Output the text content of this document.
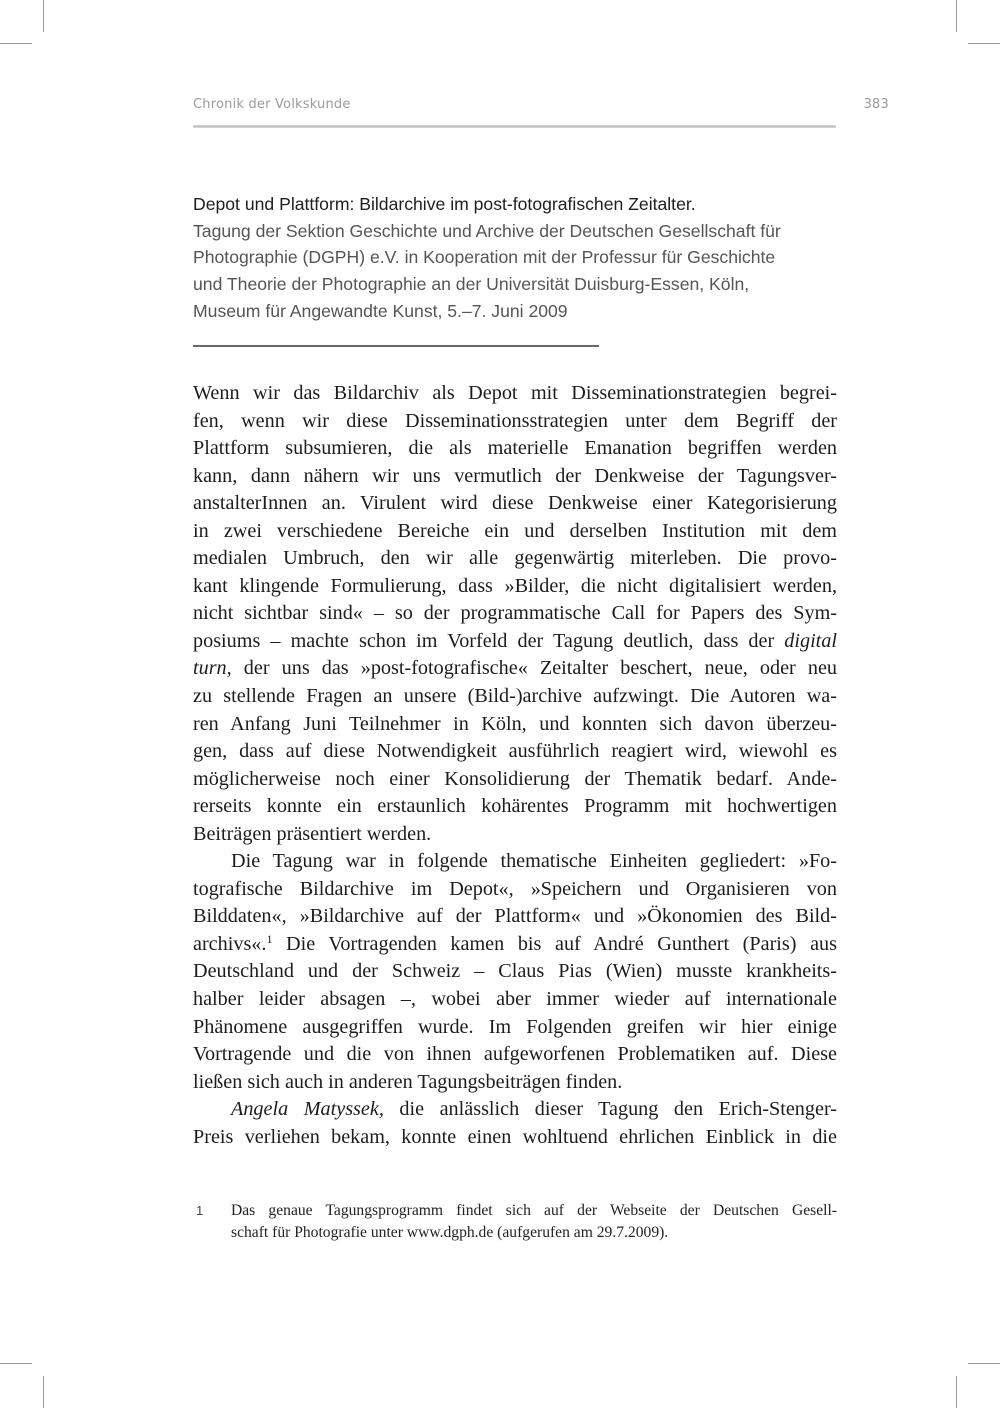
Chronik der Volkskunde	383
Depot und Plattform: Bildarchive im post-fotografischen Zeitalter.
Tagung der Sektion Geschichte und Archive der Deutschen Gesellschaft für
Photographie (DGPH) e.V. in Kooperation mit der Professur für Geschichte
und Theorie der Photographie an der Universität Duisburg-Essen, Köln,
Museum für Angewandte Kunst, 5.–7. Juni 2009
Wenn wir das Bildarchiv als Depot mit Disseminationstrategien begrei-
fen, wenn wir diese Disseminationsstrategien unter dem Begriff der
Plattform subsumieren, die als materielle Emanation begriffen werden
kann, dann nähern wir uns vermutlich der Denkweise der Tagungsver-
anstalterInnen an. Virulent wird diese Denkweise einer Kategorisierung
in zwei verschiedene Bereiche ein und derselben Institution mit dem
medialen Umbruch, den wir alle gegenwärtig miterleben. Die provo-
kant klingende Formulierung, dass »Bilder, die nicht digitalisiert werden,
nicht sichtbar sind« – so der programmatische Call for Papers des Sym-
posiums – machte schon im Vorfeld der Tagung deutlich, dass der digital
turn, der uns das »post-fotografische« Zeitalter beschert, neue, oder neu
zu stellende Fragen an unsere (Bild-)archive aufzwingt. Die Autoren wa-
ren Anfang Juni Teilnehmer in Köln, und konnten sich davon überzeu-
gen, dass auf diese Notwendigkeit ausführlich reagiert wird, wiewohl es
möglicherweise noch einer Konsolidierung der Thematik bedarf. Ande-
rerseits konnte ein erstaunlich kohärentes Programm mit hochwertigen
Beiträgen präsentiert werden.
Die Tagung war in folgende thematische Einheiten gegliedert: »Fo-
tografische Bildarchive im Depot«, »Speichern und Organisieren von
Bilddaten«, »Bildarchive auf der Plattform« und »Ökonomien des Bild-
archivs«.$^1$ Die Vortragenden kamen bis auf André Gunthert (Paris) aus
Deutschland und der Schweiz – Claus Pias (Wien) musste krankheits-
halber leider absagen –, wobei aber immer wieder auf internationale
Phänomene ausgegriffen wurde. Im Folgenden greifen wir hier einige
Vortragende und die von ihnen aufgeworfenen Problematiken auf. Diese
ließen sich auch in anderen Tagungsbeiträgen finden.
Angela Matyssek, die anlässlich dieser Tagung den Erich-Stenger-
Preis verliehen bekam, konnte einen wohltuend ehrlichen Einblick in die
1 Das genaue Tagungsprogramm findet sich auf der Webseite der Deutschen Gesell-
schaft für Photografie unter www.dgph.de (aufgerufen am 29.7.2009).
